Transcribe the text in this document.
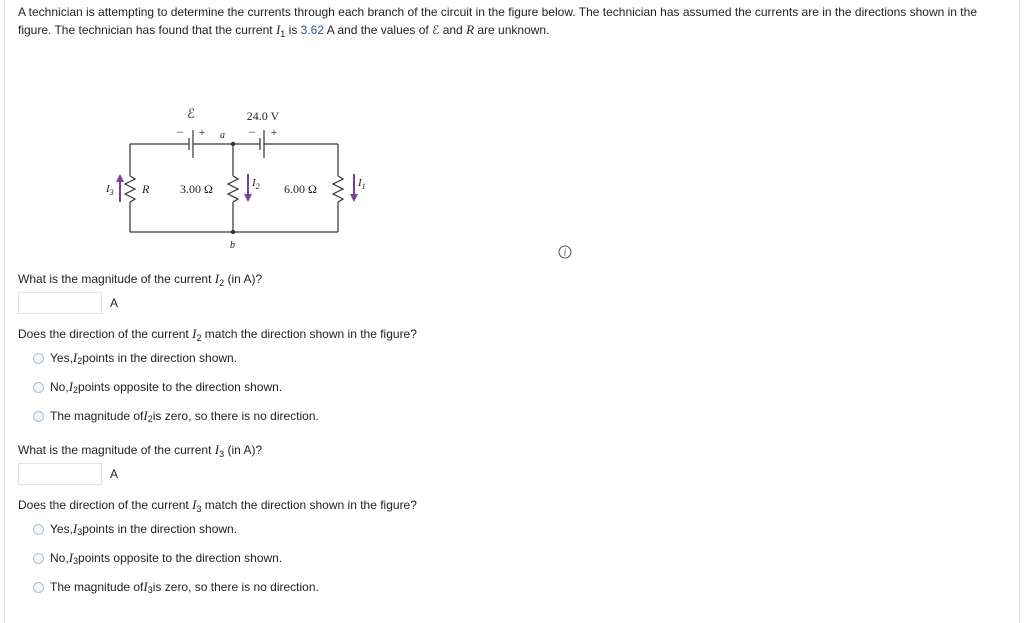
A technician is attempting to determine the currents through each branch of the circuit in the figure below. The technician has assumed the currents are in the directions shown in the figure. The technician has found that the current $I_1$ is 3.62 A and the values of ℰ and R are unknown.
ℰ	24.0 V
− +	− +
a
b
R	3.00 Ω	6.00 Ω
$I_3$
$I_2$	$I_1$
i
What is the magnitude of the current $I_2$ (in A)?
A
Does the direction of the current $I_2$ match the direction shown in the figure?
Yes, I 2 points in the direction shown.
No, I 2 points opposite to the direction shown.
The magnitude of I 2 is zero, so there is no direction.
What is the magnitude of the current $I_3$ (in A)?
A
Does the direction of the current $I_3$ match the direction shown in the figure?
Yes, I 3 points in the direction shown.
No, I 3 points opposite to the direction shown.
The magnitude of I 3 is zero, so there is no direction.
